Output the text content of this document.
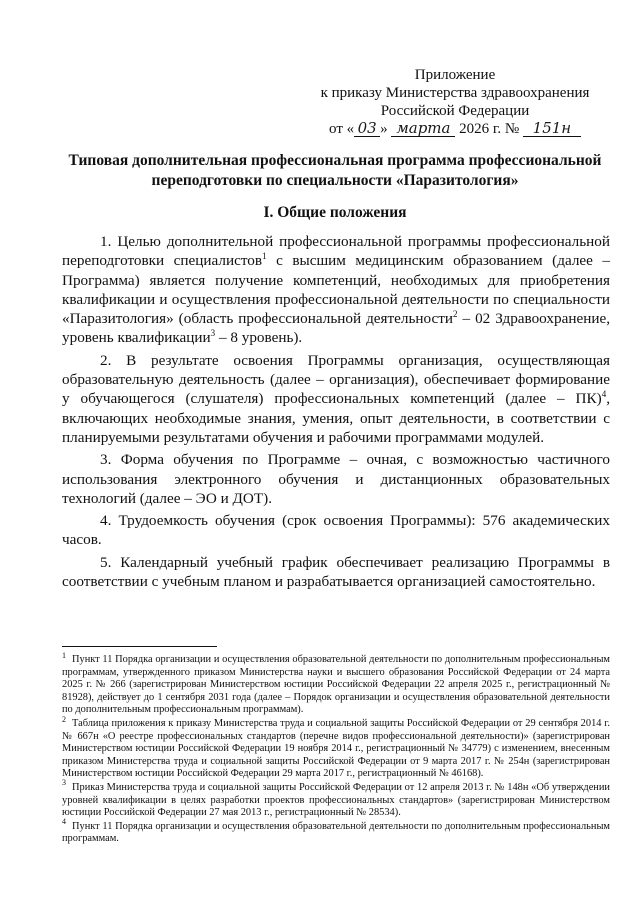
Приложение
к приказу Министерства здравоохранения
Российской Федерации
от « 03 » марта 2026 г. № 151н
Типовая дополнительная профессиональная программа профессиональной
переподготовки по специальности «Паразитология»
I. Общие положения

1. Целью дополнительной профессиональной программы профессиональной переподготовки специалистов$^1$ с высшим медицинским образованием (далее – Программа) является получение компетенций, необходимых для приобретения квалификации и осуществления профессиональной деятельности по специальности «Паразитология» (область профессиональной деятельности$^2$ – 02 Здравоохранение, уровень квалификации$^3$ – 8 уровень).

2. В результате освоения Программы организация, осуществляющая образовательную деятельность (далее – организация), обеспечивает формирование у обучающегося (слушателя) профессиональных компетенций (далее – ПК)$^4$, включающих необходимые знания, умения, опыт деятельности, в соответствии с планируемыми результатами обучения и рабочими программами модулей.

3. Форма обучения по Программе – очная, с возможностью частичного использования электронного обучения и дистанционных образовательных технологий (далее – ЭО и ДОТ).

4. Трудоемкость обучения (срок освоения Программы): 576 академических часов.

5. Календарный учебный график обеспечивает реализацию Программы в соответствии с учебным планом и разрабатывается организацией самостоятельно.

$^1$ Пункт 11 Порядка организации и осуществления образовательной деятельности по дополнительным профессиональным программам, утвержденного приказом Министерства науки и высшего образования Российской Федерации от 24 марта 2025 г. № 266 (зарегистрирован Министерством юстиции Российской Федерации 22 апреля 2025 г., регистрационный № 81928), действует до 1 сентября 2031 года (далее – Порядок организации и осуществления образовательной деятельности по дополнительным профессиональным программам).

$^2$ Таблица приложения к приказу Министерства труда и социальной защиты Российской Федерации от 29 сентября 2014 г. № 667н «О реестре профессиональных стандартов (перечне видов профессиональной деятельности)» (зарегистрирован Министерством юстиции Российской Федерации 19 ноября 2014 г., регистрационный № 34779) с изменением, внесенным приказом Министерства труда и социальной защиты Российской Федерации от 9 марта 2017 г. № 254н (зарегистрирован Министерством юстиции Российской Федерации 29 марта 2017 г., регистрационный № 46168).

$^3$ Приказ Министерства труда и социальной защиты Российской Федерации от 12 апреля 2013 г. № 148н «Об утверждении уровней квалификации в целях разработки проектов профессиональных стандартов» (зарегистрирован Министерством юстиции Российской Федерации 27 мая 2013 г., регистрационный № 28534).

$^4$ Пункт 11 Порядка организации и осуществления образовательной деятельности по дополнительным профессиональным программам.
